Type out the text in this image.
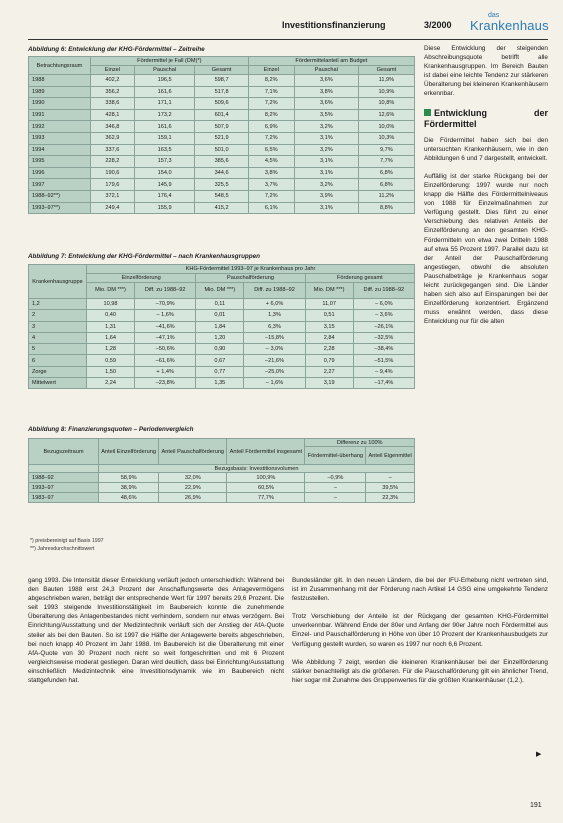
Investitionsfinanzierung	3/2000
das
Krankenhaus
Abbildung 6: Entwicklung der KHG-Fördermittel – Zeitreihe
Betrachtungsraum	Fördermittel je Fall (DM)*)			Fördermittelanteil am Budget		
	Einzel	Pauschal	Gesamt	Einzel	Pauschal	Gesamt
1988	402,2	196,5	598,7	8,2%	3,6%	11,9%
1989	356,2	161,6	517,8	7,1%	3,8%	10,9%
1990	338,6	171,1	509,6	7,2%	3,6%	10,8%
1991	428,1	173,2	601,4	8,2%	3,5%	12,6%
1992	346,8	161,6	507,9	6,9%	3,2%	10,0%
1993	362,9	159,1	521,9	7,2%	3,1%	10,3%
1994	337,6	163,5	501,0	6,5%	3,2%	9,7%
1995	228,2	157,3	385,6	4,5%	3,1%	7,7%
1996	190,6	154,0	344,6	3,8%	3,1%	6,8%
1997	179,6	145,9	325,5	3,7%	3,2%	6,8%
1988–92**)	372,1	176,4	548,5	7,2%	3,9%	11,2%
1993–97**)	249,4	155,9	415,2	6,1%	3,1%	8,8%
Abbildung 7: Entwicklung der KHG-Fördermittel – nach Krankenhausgruppen
Krankenhausgruppe	KHG-Fördermittel 1993–97 je Krankenhaus pro Jahr					
	Einzelförderung		Pauschalförderung		Förderung gesamt	
	Mio. DM ***)	Diff. zu 1988–92	Mio. DM ***)	Diff. zu 1988–92	Mio. DM ***)	Diff. zu 1988–92
1,2	10,98	–70,9%	0,11	+ 6,0%	11,07	– 6,0%
2	0,40	– 1,6%	0,01	1,3%	0,51	– 3,6%
3	1,31	–41,6%	1,84	6,3%	3,15	–26,1%
4	1,64	–47,1%	1,20	–15,8%	2,84	–32,5%
5	1,28	–50,6%	0,90	– 3,0%	2,28	–38,4%
6	0,59	–61,6%	0,67	–21,6%	0,79	–51,5%
Zorge	1,50	+ 1,4%	0,77	–25,0%	2,27	– 9,4%
Mittelwert	2,24	–23,8%	1,35	– 1,6%	3,19	–17,4%
Abbildung 8: Finanzierungsquoten – Periodenvergleich
Bezugszeitraum	Anteil Einzelförderung	Anteil Pauschalförderung	Anteil Fördermittel insgesamt	Differenz zu 100%	
				Fördermittel-überhang	Anteil Eigenmittel
	Bezugsbasis: Investitionsvolumen				
1988–92	58,9%	32,0%	100,9%	–0,9%	–
1993–97	38,9%	22,9%	60,5%	–	39,5%
1983–97	48,6%	26,9%	77,7%	–	22,3%
*) preisbereinigt auf Basis 1997
**) Jahresdurchschnittswert

Diese Entwicklung der steigenden Abschreibungsquote betrifft alle Krankenhausgruppen. Im Bereich Bauten ist dabei eine leichte Tendenz zur stärkeren Überalterung bei kleineren Krankenhäusern erkennbar.

Entwicklung der Fördermittel

Die Fördermittel haben sich bei den untersuchten Krankenhäusern, wie in den Abbildungen 6 und 7 dargestellt, entwickelt.

Auffällig ist der starke Rückgang bei der Einzelförderung: 1997 wurde nur noch knapp die Hälfte des Fördermittelniveaus von 1988 für Einzelmaßnahmen zur Verfügung gestellt. Dies führt zu einer Verschiebung des relativen Anteils der Einzelförderung an den gesamten KHG-Fördermitteln von etwa zwei Dritteln 1988 auf etwa 55 Prozent 1997. Parallel dazu ist der Anteil der Pauschalförderung angestiegen, obwohl die absoluten Pauschalbeträge je Krankenhaus sogar leicht zurückgegangen sind. Die Länder haben sich also auf Einsparungen bei der Einzelförderung konzentriert. Ergänzend muss erwähnt werden, dass diese Entwicklung nur für die alten

gang 1993. Die Intensität dieser Entwicklung verläuft jedoch unterschiedlich: Während bei den Bauten 1988 erst 24,3 Prozent der Anschaffungswerte des Anlagevermögens abgeschrieben waren, beträgt der entsprechende Wert für 1997 bereits 29,6 Prozent. Die seit 1993 steigende Investitionstätigkeit im Baubereich konnte die zunehmende Überalterung des Anlagenbestandes nicht verhindern, sondern nur etwas verzögern. Bei Einrichtung/Ausstattung und der Medizintechnik verläuft sich der Anstieg der AfA-Quote steiler als bei den Bauten. So ist 1997 die Hälfte der Anlagewerte bereits abgeschrieben, bei noch knapp 40 Prozent im Jahr 1988. Im Baubereich ist die Überalterung mit einer AfA-Quote von 30 Prozent noch nicht so weit fortgeschritten und mit 6 Prozent vergleichsweise moderat gestiegen. Daran wird deutlich, dass bei Einrichtung/Ausstattung einschließlich Medizintechnik eine Investitionsdynamik wie im Baubereich nicht stattgefunden hat.

Bundesländer gilt. In den neuen Ländern, die bei der IFU-Erhebung nicht vertreten sind, ist im Zusammenhang mit der Förderung nach Artikel 14 GSG eine umgekehrte Tendenz festzustellen.

Trotz Verschiebung der Anteile ist der Rückgang der gesamten KHG-Fördermittel unverkennbar. Während Ende der 80er und Anfang der 90er Jahre noch Fördermittel aus Einzel- und Pauschalförderung in Höhe von über 10 Prozent der Krankenhausbudgets zur Verfügung gestellt wurden, so waren es 1997 nur noch 6,6 Prozent.

Wie Abbildung 7 zeigt, werden die kleineren Krankenhäuser bei der Einzelförderung stärker benachteiligt als die größeren. Für die Pauschalförderung gilt ein ähnlicher Trend, hier sogar mit Zunahme des Gruppenwertes für die größten Krankenhäuser (1,2.).

▶
191
